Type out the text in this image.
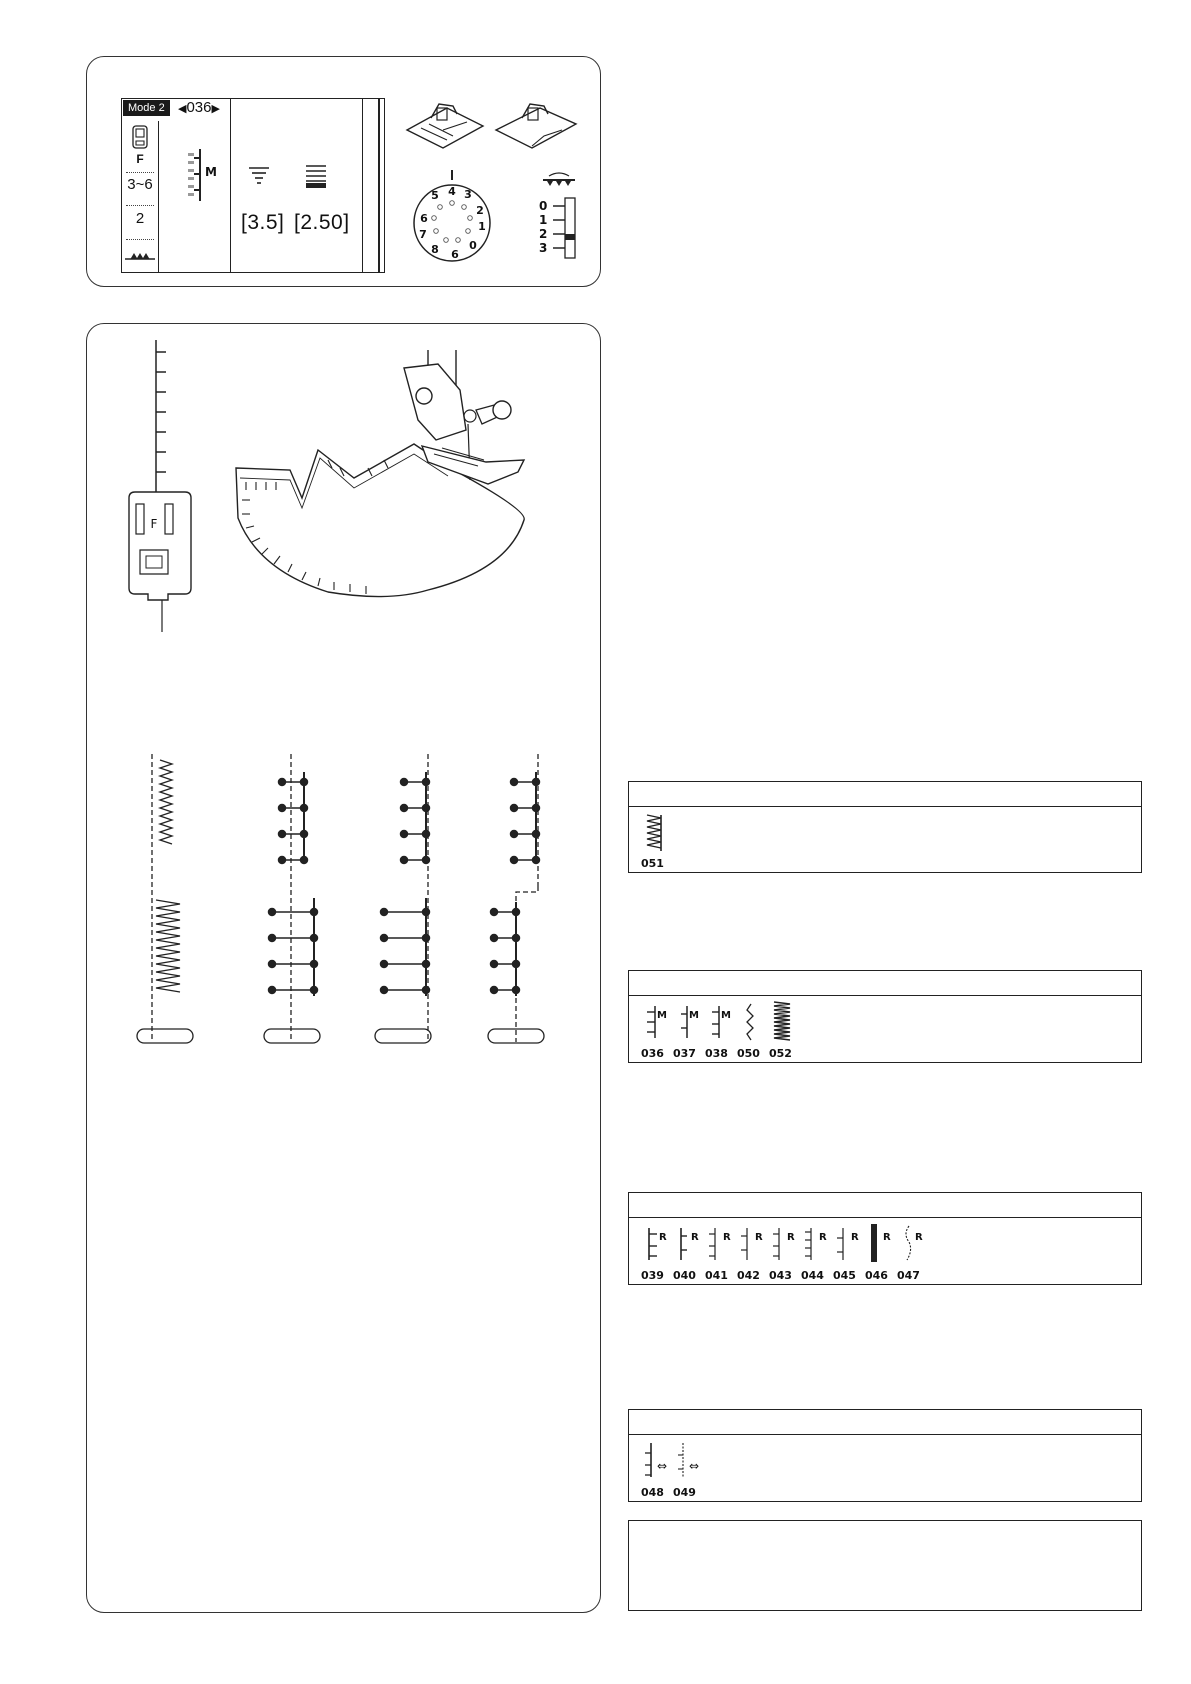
Mode 2	◀036▶
F
3~6
2
M
[3.5] [2.50]
4 3
2
1
0
6
8
7
6
5
0
1
2
3
F
051
M M M
036 037 038 050 052
R R R R R R R R R
039 040 041 042 043 044 045 046 047
⇔ ⇔
048 049
